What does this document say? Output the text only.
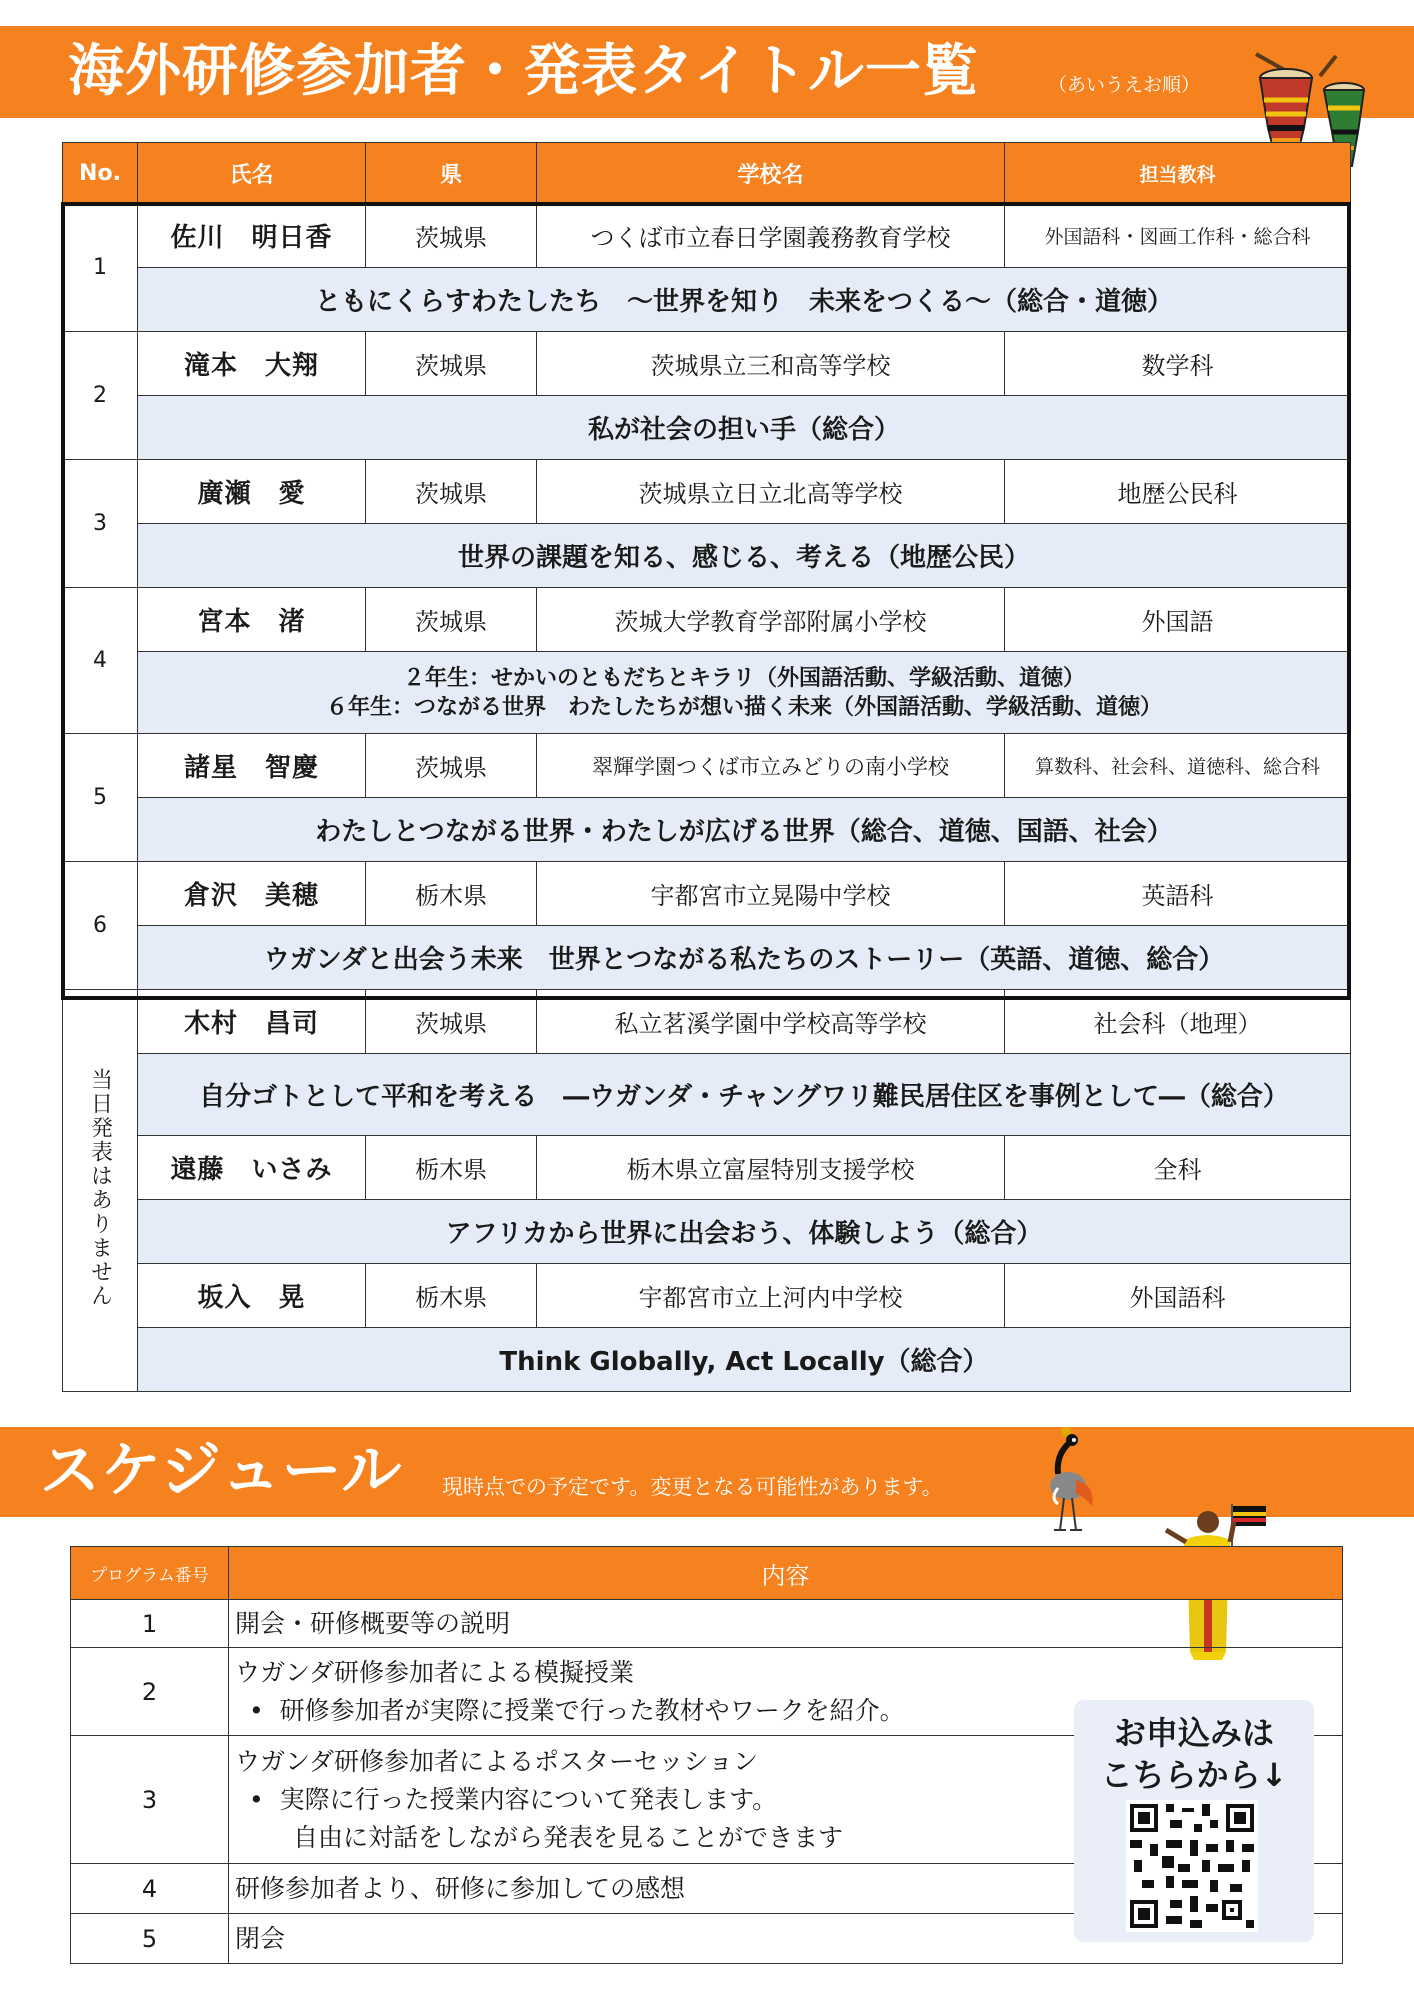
海外研修参加者・発表タイトル一覧	（あいうえお順）
No.	氏名	県	学校名	担当教科
1	佐川　明日香	茨城県	つくば市立春日学園義務教育学校	外国語科・図画工作科・総合科
	ともにくらすわたしたち　〜世界を知り　未来をつくる〜（総合・道徳）			
2	滝本　大翔	茨城県	茨城県立三和高等学校	数学科
	私が社会の担い手（総合）			
3	廣瀬　愛	茨城県	茨城県立日立北高等学校	地歴公民科
	世界の課題を知る、感じる、考える（地歴公民）			
4	宮本　渚	茨城県	茨城大学教育学部附属小学校	外国語

	２年生：せかいのともだちとキラリ（外国語活動、学級活動、道徳）
６年生：つながる世界　わたしたちが想い描く未来（外国語活動、学級活動、道徳）			

5	諸星　智慶	茨城県	翠輝学園つくば市立みどりの南小学校	算数科、社会科、道徳科、総合科
	わたしとつながる世界・わたしが広げる世界（総合、道徳、国語、社会）			
6	倉沢　美穂	栃木県	宇都宮市立晃陽中学校	英語科
	ウガンダと出会う未来　世界とつながる私たちのストーリー（英語、道徳、総合）			
当日発表はありません	木村　昌司	茨城県	私立茗溪学園中学校高等学校	社会科（地理）
	自分ゴトとして平和を考える　―ウガンダ・チャングワリ難民居住区を事例として―（総合）			
	遠藤　いさみ	栃木県	栃木県立富屋特別支援学校	全科
	アフリカから世界に出会おう、体験しよう（総合）			
	坂入　晃	栃木県	宇都宮市立上河内中学校	外国語科
	Think Globally, Act Locally（総合）			
スケジュール 現時点での予定です。変更となる可能性があります。
プログラム番号	内容
1	開会・研修概要等の説明
2	ウガンダ研修参加者による模擬授業
•  研修参加者が実際に授業で行った教材やワークを紹介。

3	ウガンダ研修参加者によるポスターセッション
•  実際に行った授業内容について発表します。
自由に対話をしながら発表を見ることができます

4	研修参加者より、研修に参加しての感想
5	閉会
お申込みは
こちらから↓
